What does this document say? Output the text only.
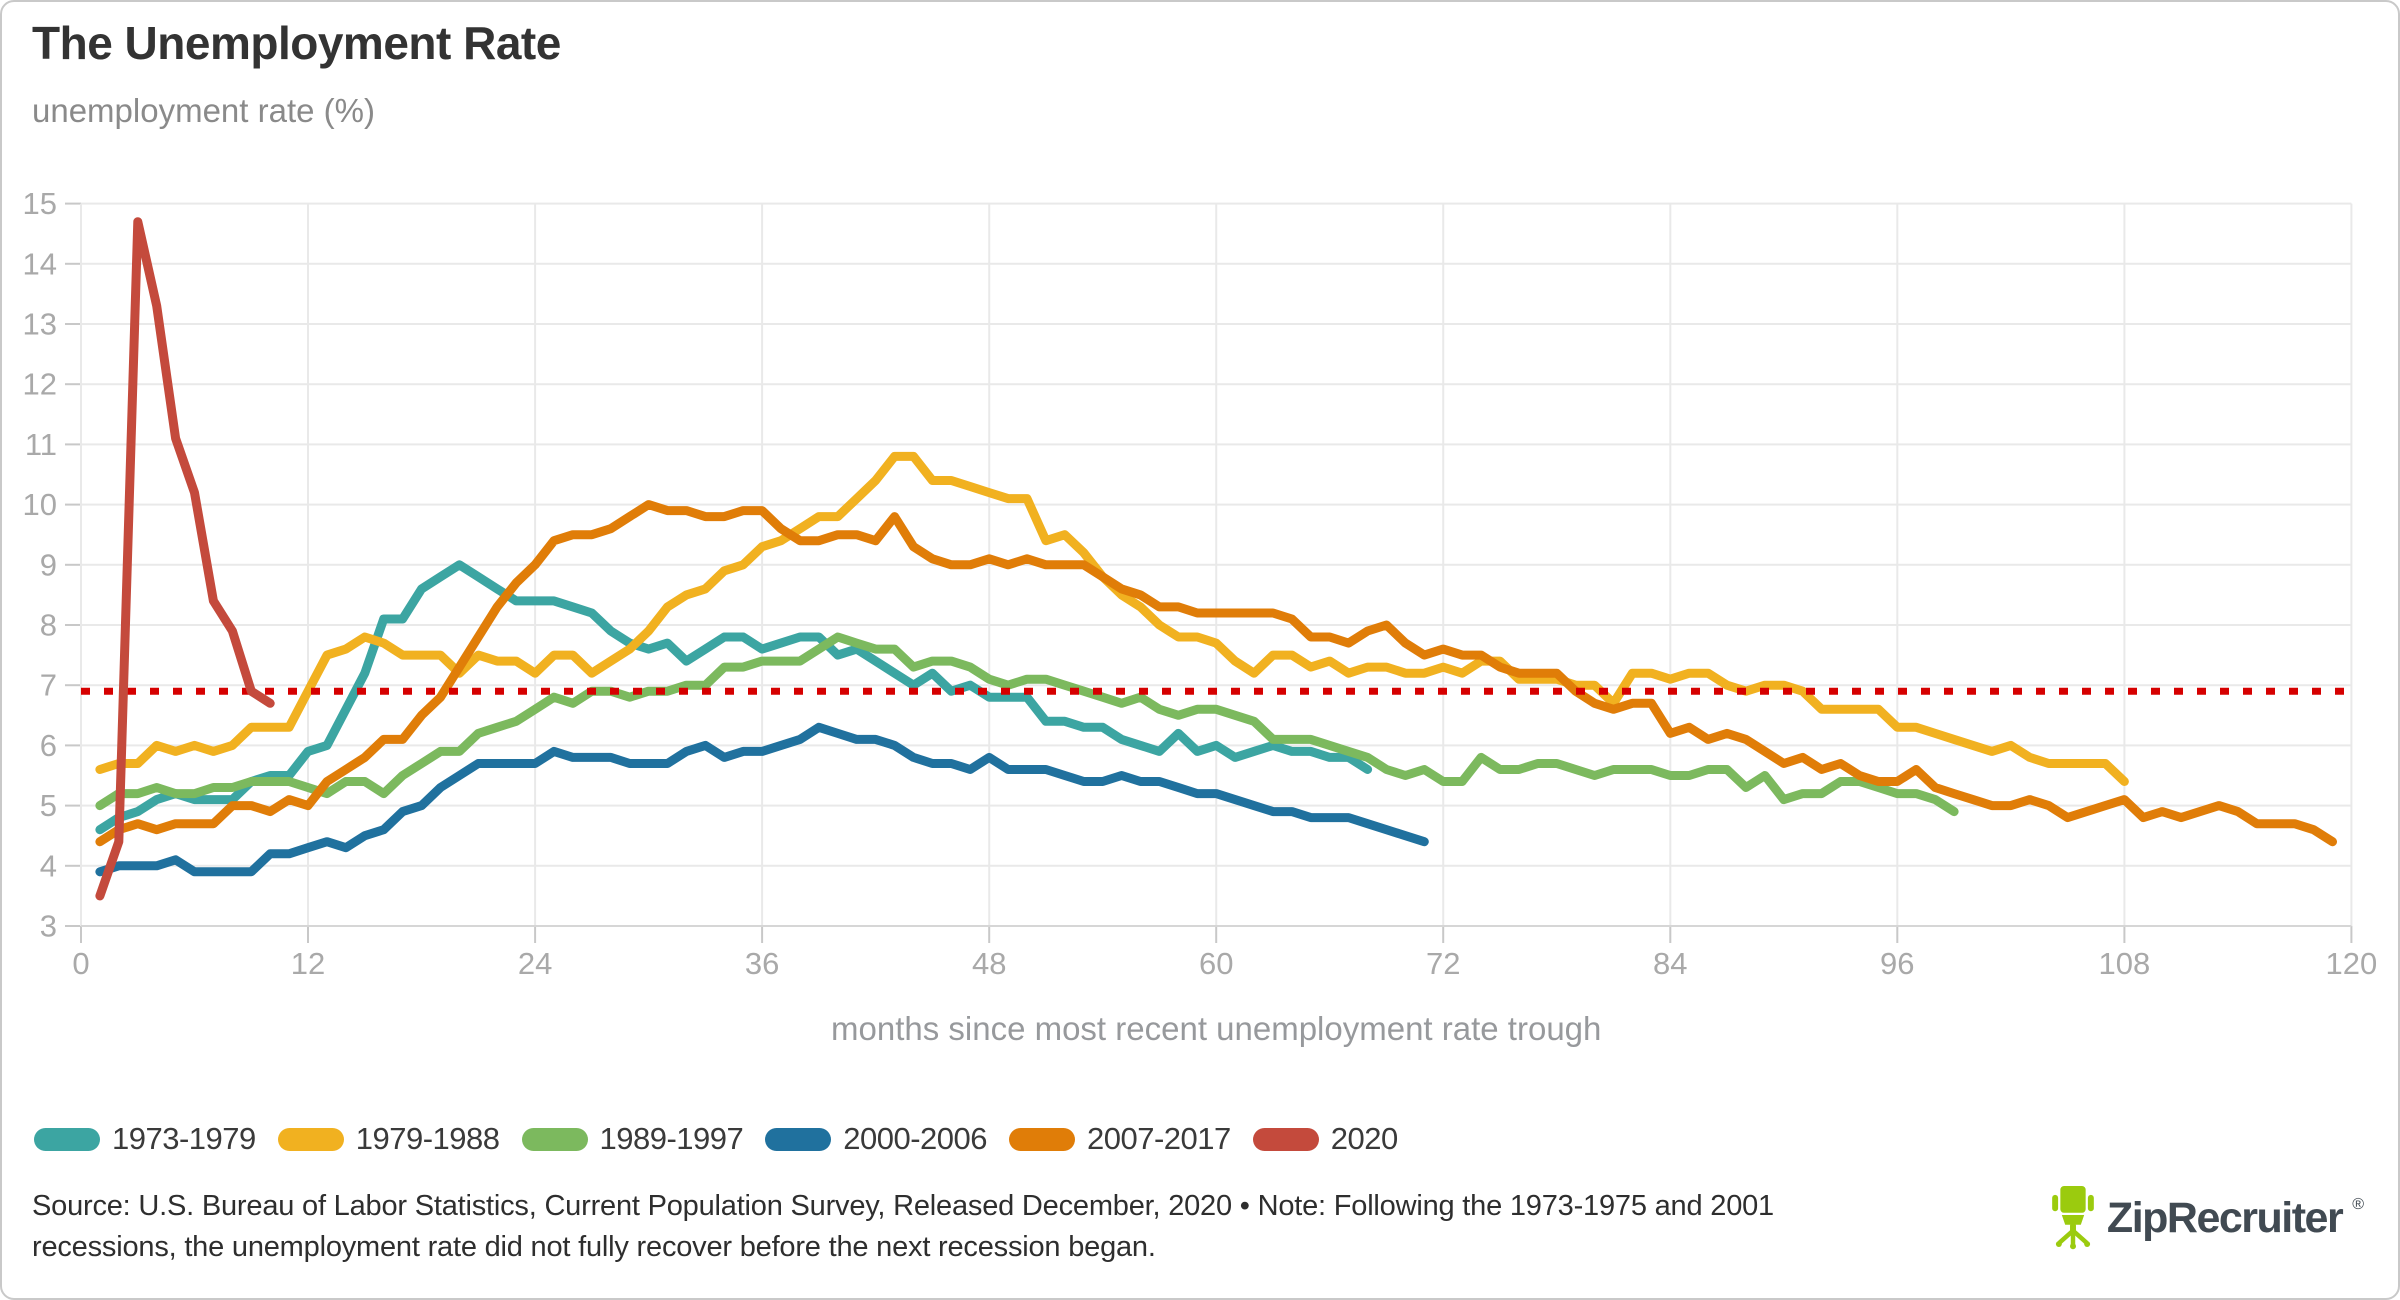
The Unemployment Rate
unemployment rate (%)
3
4
5
6
7
8
9
10
11
12
13
14
15
0	12	24	36	48	60	72	84	96	108	120
months since most recent unemployment rate trough
1973-1979	1979-1988	1989-1997	2000-2006	2007-2017	2020
Source: U.S. Bureau of Labor Statistics, Current Population Survey, Released December, 2020 • Note: Following the 1973-1975 and 2001
recessions, the unemployment rate did not fully recover before the next recession began.
ZipRecruiter ®
